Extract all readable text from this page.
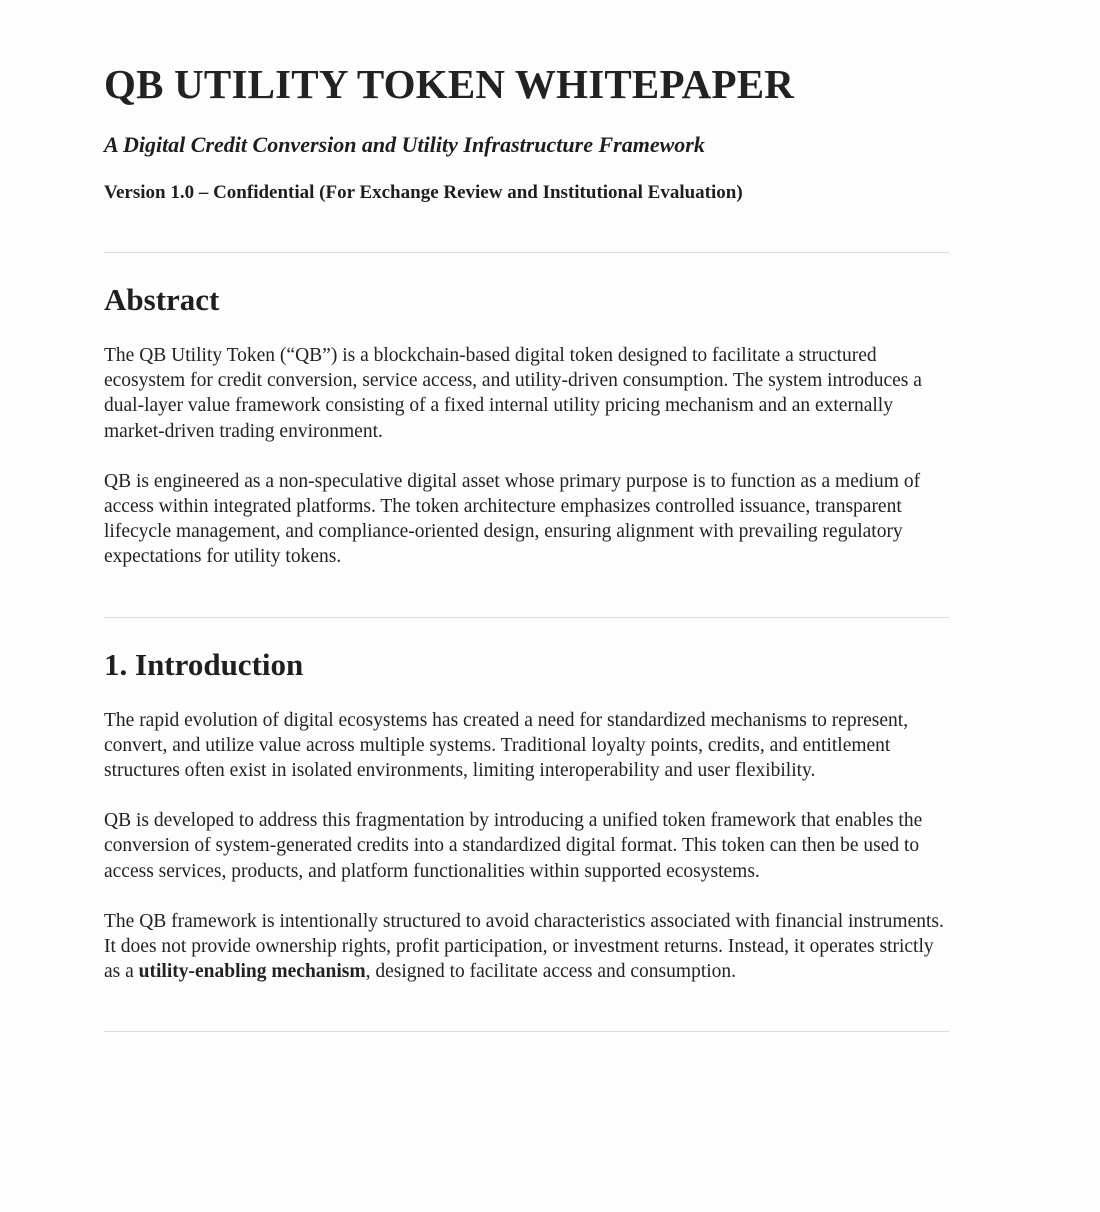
QB UTILITY TOKEN WHITEPAPER

A Digital Credit Conversion and Utility Infrastructure Framework

Version 1.0 – Confidential (For Exchange Review and Institutional Evaluation)

Abstract

The QB Utility Token (“QB”) is a blockchain-based digital token designed to facilitate a structured ecosystem for credit conversion, service access, and utility-driven consumption. The system introduces a dual-layer value framework consisting of a fixed internal utility pricing mechanism and an externally market-driven trading environment.

QB is engineered as a non-speculative digital asset whose primary purpose is to function as a medium of access within integrated platforms. The token architecture emphasizes controlled issuance, transparent lifecycle management, and compliance-oriented design, ensuring alignment with prevailing regulatory expectations for utility tokens.

1. Introduction

The rapid evolution of digital ecosystems has created a need for standardized mechanisms to represent, convert, and utilize value across multiple systems. Traditional loyalty points, credits, and entitlement structures often exist in isolated environments, limiting interoperability and user flexibility.

QB is developed to address this fragmentation by introducing a unified token framework that enables the conversion of system-generated credits into a standardized digital format. This token can then be used to access services, products, and platform functionalities within supported ecosystems.

The QB framework is intentionally structured to avoid characteristics associated with financial instruments. It does not provide ownership rights, profit participation, or investment returns. Instead, it operates strictly as a utility-enabling mechanism, designed to facilitate access and consumption.
